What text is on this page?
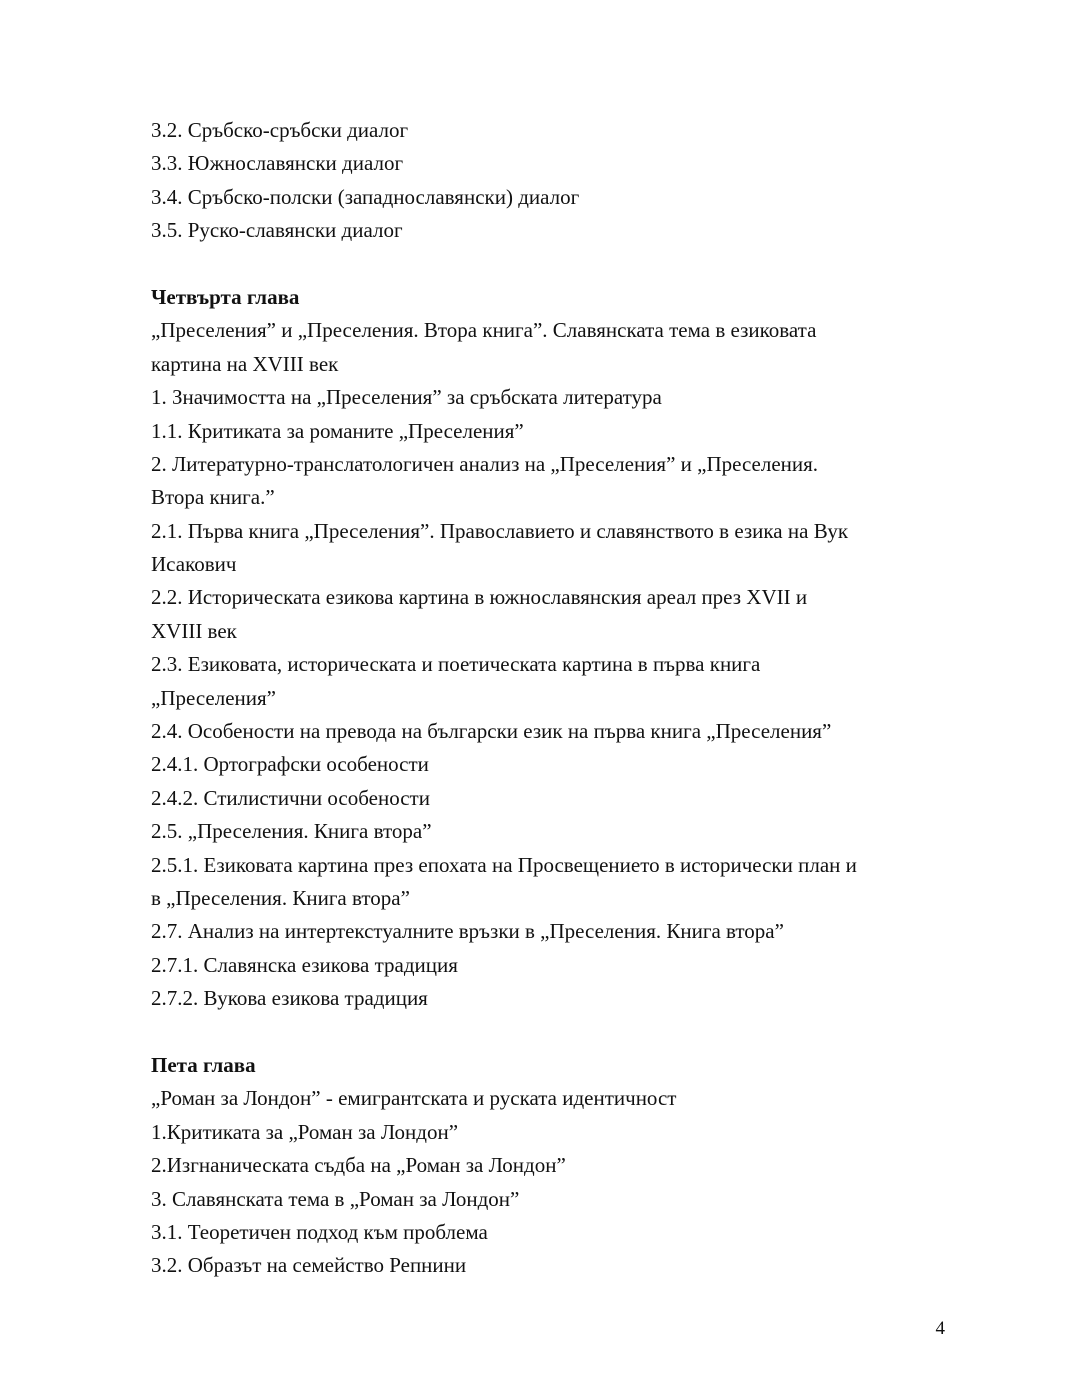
3.2. Сръбско-сръбски диалог

3.3. Южнославянски диалог

3.4. Сръбско-полски (западнославянски) диалог

3.5. Руско-славянски диалог

Четвърта глава

„Преселения” и „Преселения. Втора книга”. Славянската тема в езиковата

картина на XVIII век

1. Значимостта на „Преселения” за сръбската литература

1.1. Критиката за романите „Преселения”

2. Литературно-транслатологичен анализ на „Преселения” и „Преселения.

Втора книга.”

2.1. Първа книга „Преселения”. Православието и славянството в езика на Вук

Исакович

2.2. Историческата езикова картина в южнославянския ареал през XVII и

XVIII век

2.3. Езиковата, историческата и поетическата картина в първа книга

„Преселения”

2.4. Особености на превода на български език на първа книга „Преселения”

2.4.1. Ортографски особености

2.4.2. Стилистични особености

2.5. „Преселения. Книга втора”

2.5.1. Езиковата картина през епохата на Просвещението в исторически план и

в „Преселения. Книга втора”

2.7. Анализ на интертекстуалните връзки в „Преселения. Книга втора”

2.7.1. Славянска езикова традиция

2.7.2. Вукова езикова традиция

Пета глава

„Роман за Лондон” - емигрантската и руската идентичност

1.Критиката за „Роман за Лондон”

2.Изгнаническата съдба на „Роман за Лондон”

3. Славянската тема в „Роман за Лондон”

3.1. Теоретичен подход към проблема

3.2. Образът на семейство Репнини

4
